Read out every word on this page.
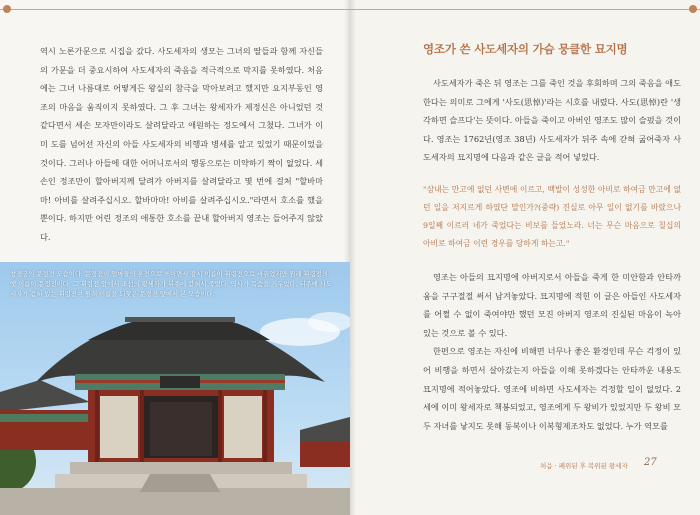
역시 노론가문으로 시집을 갔다. 사도세자의 생모는 그녀의 딸들과 함께 자신들의 가문을 더 중요시하여 사도세자의 죽음을 적극적으로 막지를 못하였다. 처음에는 그녀 나름대로 어떻게든 왕실의 참극을 막아보려고 했지만 요지부동인 영조의 마음을 움직이지 못하였다. 그 후 그녀는 왕세자가 제정신은 아니었던 것 같다면서 세손 모자만이라도 살려달라고 애원하는 정도에서 그쳤다. 그녀가 이미 도를 넘어선 자신의 아들 사도세자의 비행과 병세를 알고 있었기 때문이었을 것이다. 그러나 아들에 대한 어머니로서의 행동으로는 미약하기 짝이 없었다. 세손인 정조만이 할아버지께 달려가 아버지를 살려달라고 몇 번에 걸쳐 "할바마마! 아비를 살려주십시오. 할바마마! 아비를 살려주십시오."라면서 호소를 했을 뿐이다. 하지만 어린 정조의 애통한 호소를 끝내 할아버지 영조는 들어주지 않았다.

창경궁의 문정전 모습이다. 문정전이 얼마들의 혼전으로 쓰이면서 잠시 이름이 휘령전으로 바뀌었지만 원래 휘령전의 옛 이름이 문정전이다. 그 휘령전 앞에서 조선의 왕세자가 뒤주에 갇혀서 죽었다. 역사가 목숨을 거두었다. 뒤주에 사도세자가 갇혀 있는 휘령전이 원래 이름을 되찾은 문정전 앞에서 본 모습이다.
영조가 쓴 사도세자의 가슴 뭉클한 묘지명

사도세자가 죽은 뒤 영조는 그를 죽인 것을 후회하며 그의 죽음을 애도한다는 의미로 그에게 '사도(思悼)'라는 시호를 내렸다. 사도(思悼)란 '생각하면 슬프다'는 뜻이다. 아들을 죽이고 아버인 영조도 많이 슬펐을 것이다. 영조는 1762년(영조 38년) 사도세자가 뒤주 속에 갇혀 굶어죽자 사도세자의 묘지명에 다음과 같은 글을 적어 넣었다.

"삼내는 만고에 없던 사변에 이르고, 백발이 성성한 아비로 하여금 만고에 없던 일을 저지르게 하였단 말인가?(중략) 진실로 아무 일이 없기를 바랐으나 9일째 이르러 네가 죽었다는 비보를 들었노라. 너는 무슨 마음으로 칠십의 아비로 하여금 이런 경우를 당하게 하는고."

영조는 아들의 묘지명에 아버지로서 아들을 죽게 한 미안함과 안타까움을 구구절절 써서 남겨놓았다. 묘지명에 적힌 이 글은 아들인 사도세자를 어쩔 수 없이 죽여야만 했던 모진 아버지 영조의 진실된 마음이 녹아 있는 것으로 볼 수 있다.

한편으로 영조는 자신에 비해면 너무나 좋은 환경인데 무슨 걱정이 있어 비행을 하면서 살아갔는지 아들을 이해 못하겠다는 안타까운 내용도 묘지명에 적어놓았다. 영조에 비하면 사도세자는 걱정할 일이 없었다. 2세에 이미 왕세자로 책봉되었고, 영조에게 두 왕비가 있었지만 두 왕비 모두 자녀를 낳지도 못해 동복이나 이복형제조차도 없었다. 누가 역모를

처음 · 폐위된 후 복위된 왕세자 27
